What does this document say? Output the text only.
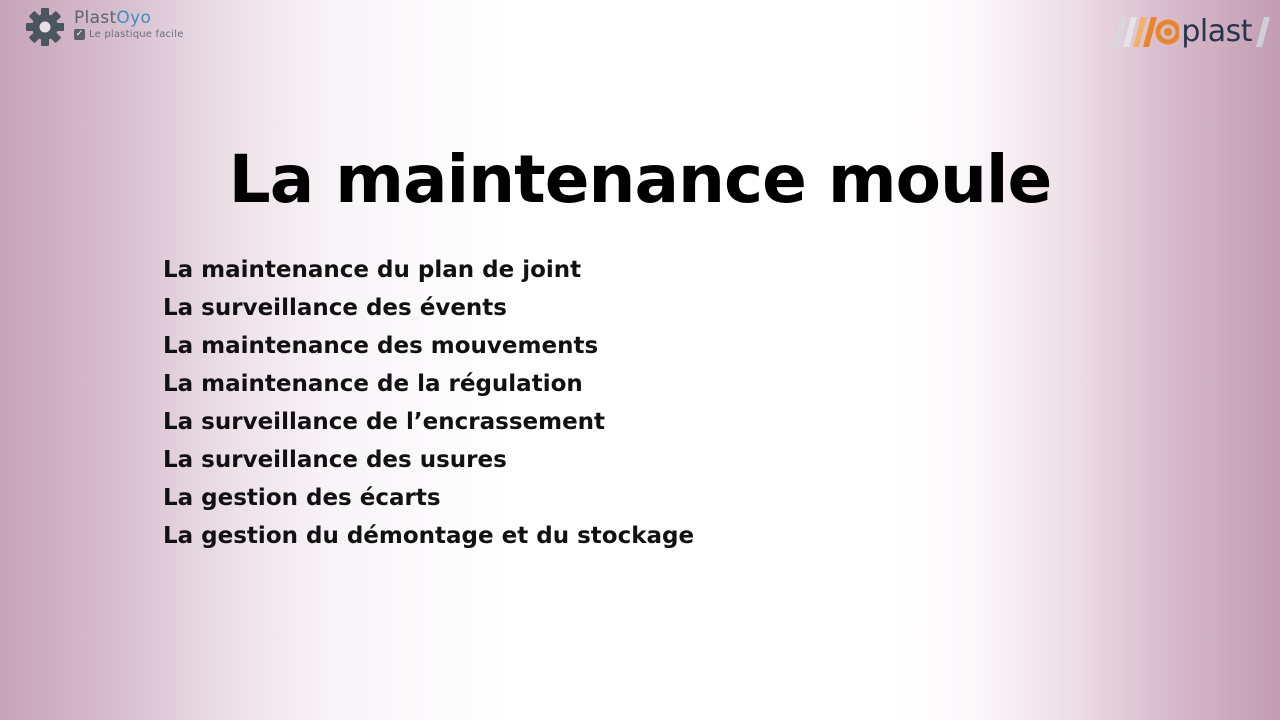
PlastOyo
✓ Le plastique facile	plast
La maintenance moule
La maintenance du plan de joint
La surveillance des évents
La maintenance des mouvements
La maintenance de la régulation
La surveillance de l’encrassement
La surveillance des usures
La gestion des écarts
La gestion du démontage et du stockage
